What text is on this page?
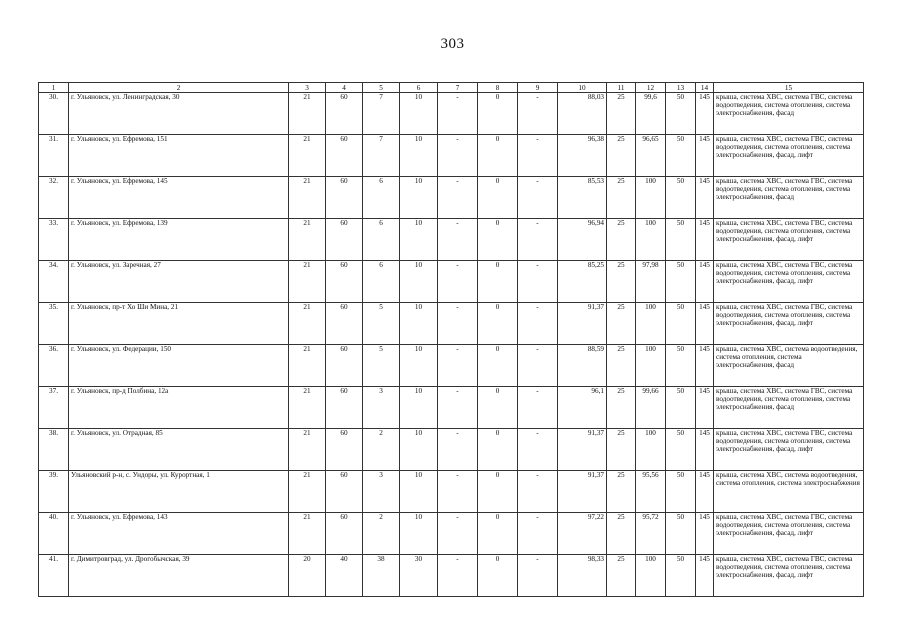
303
1	2	3	4	5	6	7	8	9	10	11	12	13	14	15
30.	г. Ульяновск, ул. Ленинградская, 30	21	60	7	10	-	0	-	88,03	25	99,6	50	145	крыша, система ХВС, система ГВС, система водоотведения, система отопления, система электроснабжения, фасад
31.	г. Ульяновск, ул. Ефремова, 151	21	60	7	10	-	0	-	96,38	25	96,65	50	145	крыша, система ХВС, система ГВС, система водоотведения, система отопления, система электроснабжения, фасад, лифт
32.	г. Ульяновск, ул. Ефремова, 145	21	60	6	10	-	0	-	85,53	25	100	50	145	крыша, система ХВС, система ГВС, система водоотведения, система отопления, система электроснабжения, фасад
33.	г. Ульяновск, ул. Ефремова, 139	21	60	6	10	-	0	-	96,94	25	100	50	145	крыша, система ХВС, система ГВС, система водоотведения, система отопления, система электроснабжения, фасад, лифт
34.	г. Ульяновск, ул. Заречная, 27	21	60	6	10	-	0	-	85,25	25	97,98	50	145	крыша, система ХВС, система ГВС, система водоотведения, система отопления, система электроснабжения, фасад, лифт
35.	г. Ульяновск, пр-т Хо Ши Мина, 21	21	60	5	10	-	0	-	91,37	25	100	50	145	крыша, система ХВС, система ГВС, система водоотведения, система отопления, система электроснабжения, фасад, лифт
36.	г. Ульяновск, ул. Федерации, 150	21	60	5	10	-	0	-	88,59	25	100	50	145	крыша, система ХВС, система водоотведения, система отопления, система электроснабжения, фасад
37.	г. Ульяновск, пр-д Полбина, 12а	21	60	3	10	-	0	-	96,1	25	99,66	50	145	крыша, система ХВС, система ГВС, система водоотведения, система отопления, система электроснабжения, фасад
38.	г. Ульяновск, ул. Отрадная, 85	21	60	2	10	-	0	-	91,37	25	100	50	145	крыша, система ХВС, система ГВС, система водоотведения, система отопления, система электроснабжения, фасад, лифт
39.	Ульяновский р-н, с. Ундоры, ул. Курортная, 1	21	60	3	10	-	0	-	91,37	25	95,56	50	145	крыша, система ХВС, система водоотведения, система отопления, система электроснабжения
40.	г. Ульяновск, ул. Ефремова, 143	21	60	2	10	-	0	-	97,22	25	95,72	50	145	крыша, система ХВС, система ГВС, система водоотведения, система отопления, система электроснабжения, фасад, лифт
41.	г. Димитровград, ул. Дрогобычская, 39	20	40	38	30	-	0	-	98,33	25	100	50	145	крыша, система ХВС, система ГВС, система водоотведения, система отопления, система электроснабжения, фасад, лифт
